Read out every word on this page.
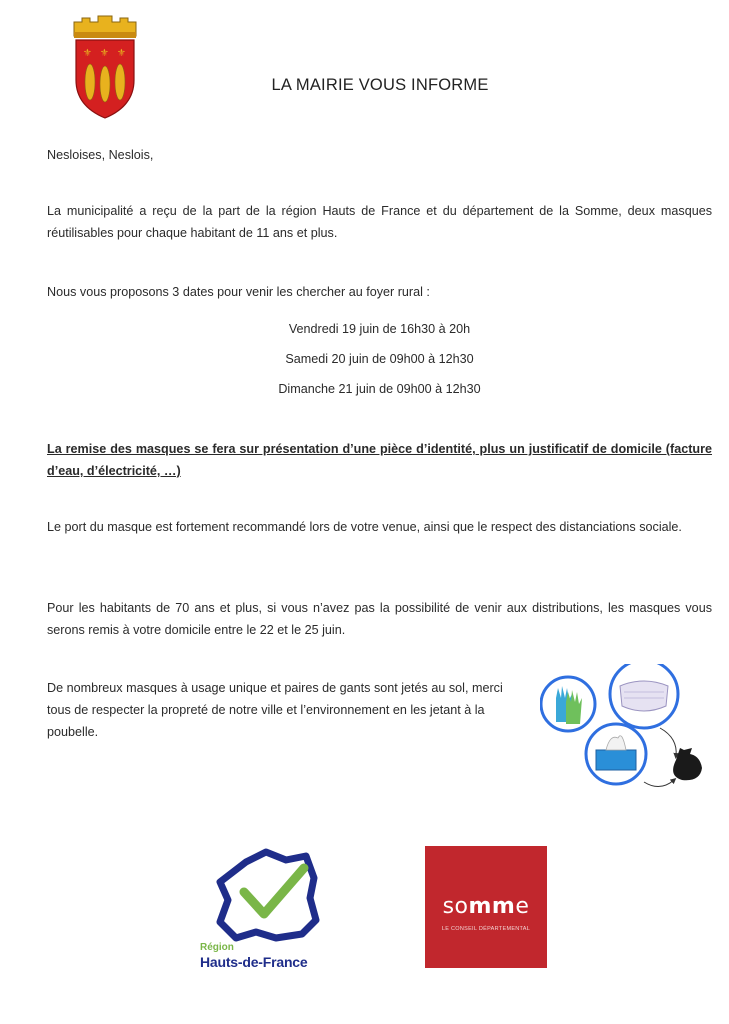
⚜ ⚜ ⚜
LA MAIRIE VOUS INFORME
Nesloises, Neslois,
La municipalité a reçu de la part de la région Hauts de France et du département de la Somme, deux masques réutilisables pour chaque habitant de 11 ans et plus.
Nous vous proposons 3 dates pour venir les chercher au foyer rural :
Vendredi 19 juin de 16h30 à 20h
Samedi 20 juin de 09h00 à 12h30
Dimanche 21 juin de 09h00 à 12h30
La remise des masques se fera sur présentation d’une pièce d’identité, plus un justificatif de domicile (facture d’eau, d’électricité, …)
Le port du masque est fortement recommandé lors de votre venue, ainsi que le respect des distanciations sociale.
Pour les habitants de 70 ans et plus, si vous n’avez pas la possibilité de venir aux distributions, les masques vous serons remis à votre domicile entre le 22 et le 25 juin.
De nombreux masques à usage unique et paires de gants sont jetés au sol, merci
tous de respecter la propreté de notre ville et l’environnement en les jetant à la
poubelle.
Région
Hauts-de-France
somme
LE CONSEIL DÉPARTEMENTAL
